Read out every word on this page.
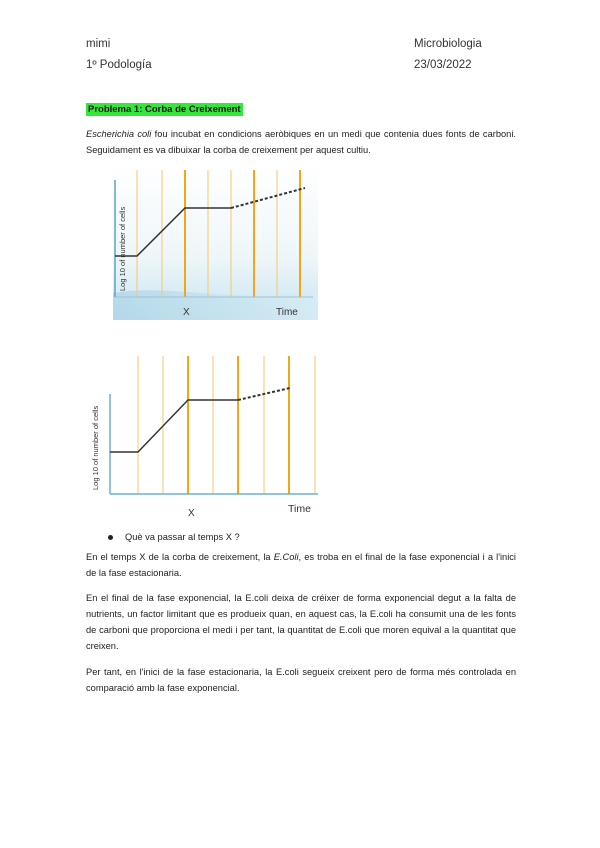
mimi	Microbiologia
1º Podología	23/03/2022
Problema 1: Corba de Creixement
Escherichia coli fou incubat en condicions aeròbiques en un medi que contenia dues fonts de carboni. Seguidament es va dibuixar la corba de creixement per aquest cultiu.
Log 10 of number of cells
X	Time
Log 10 of number of cells
X	Time
Què va passar al temps X ?
En el temps X de la corba de creixement, la E.Coli, es troba en el final de la fase exponencial i a l'inici de la fase estacionaria.
En el final de la fase exponencial, la E.coli deixa de créixer de forma exponencial degut a la falta de nutrients, un factor limitant que es produeix quan, en aquest cas, la E.coli ha consumit una de les fonts de carboni que proporciona el medi i per tant, la quantitat de E.coli que moren equival a la quantitat que creixen.
Per tant, en l'inici de la fase estacionaria, la E.coli segueix creixent pero de forma més controlada en comparació amb la fase exponencial.
